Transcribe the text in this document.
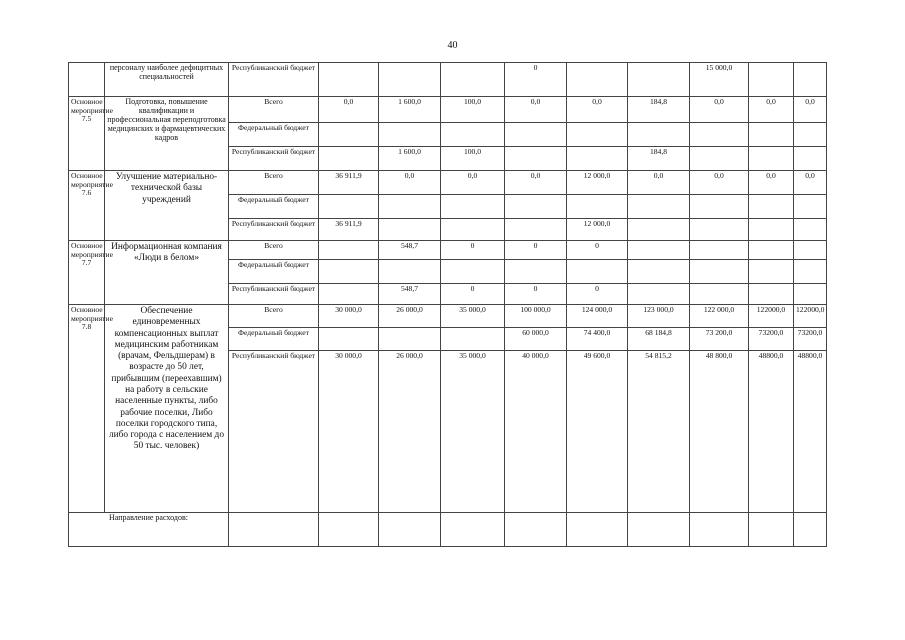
40
	персоналу наиболее дефицитных специальностей	Республиканский бюджет				0			15 000,0		
Основное мероприятие 7.5	Подготовка, повышение квалификации и профессиональная переподготовка медицинских и фармацевтических кадров	Всего	0,0	1 600,0	100,0	0,0	0,0	184,8	0,0	0,0	0,0
		Федеральный бюджет									
		Республиканский бюджет		1 600,0	100,0			184,8			
Основное мероприятие 7.6	Улучшение материально-технической базы учреждений	Всего	36 911,9	0,0	0,0	0,0	12 000,0	0,0	0,0	0,0	0,0
		Федеральный бюджет									
		Республиканский бюджет	36 911,9				12 000,0				
Основное мероприятие 7.7	Информационная компания «Люди в белом»	Всего		548,7	0	0	0				
		Федеральный бюджет									
		Республиканский бюджет		548,7	0	0	0				
Основное мероприятие 7.8	Обеспечение единовременных компенсационных выплат медицинским работникам (врачам, Фельдшерам) в возрасте до 50 лет, прибывшим (переехавшим) на работу в сельские населенные пункты, либо рабочие поселки, Либо поселки городского типа, либо города с населением до 50 тыс. человек)	Всего	30 000,0	26 000,0	35 000,0	100 000,0	124 000,0	123 000,0	122 000,0	122000,0	122000,0
		Федеральный бюджет				60 000,0	74 400,0	68 184,8	73 200,0	73200,0	73200,0
		Республиканский бюджет	30 000,0	26 000,0	35 000,0	40 000,0	49 600,0	54 815,2	48 800,0	48800,0	48800,0
Направление расходов:											
